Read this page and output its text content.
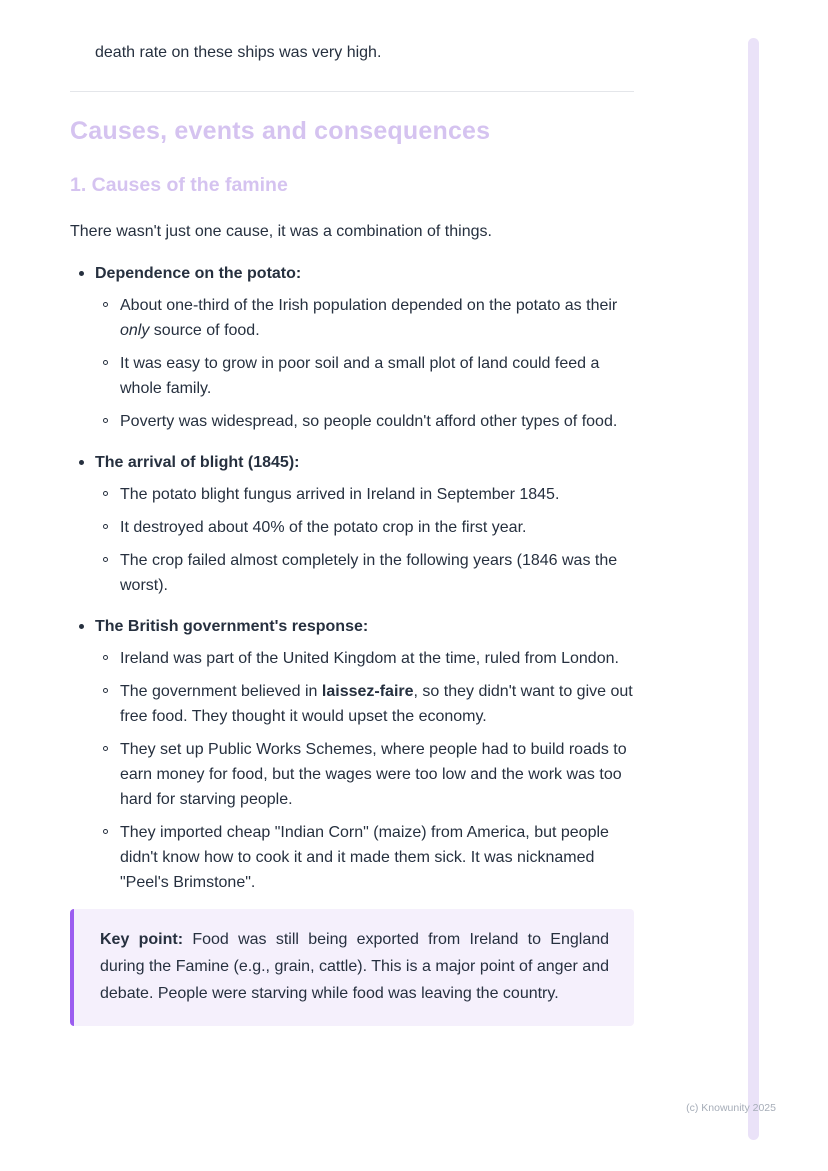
death rate on these ships was very high.

Causes, events and consequences
1. Causes of the famine

There wasn't just one cause, it was a combination of things.

Dependence on the potato:
About one-third of the Irish population depended on the potato as their only source of food.
It was easy to grow in poor soil and a small plot of land could feed a whole family.
Poverty was widespread, so people couldn't afford other types of food.
The arrival of blight (1845):
The potato blight fungus arrived in Ireland in September 1845.
It destroyed about 40% of the potato crop in the first year.
The crop failed almost completely in the following years (1846 was the worst).
The British government's response:
Ireland was part of the United Kingdom at the time, ruled from London.
The government believed in laissez-faire, so they didn't want to give out free food. They thought it would upset the economy.
They set up Public Works Schemes, where people had to build roads to earn money for food, but the wages were too low and the work was too hard for starving people.
They imported cheap "Indian Corn" (maize) from America, but people didn't know how to cook it and it made them sick. It was nicknamed "Peel's Brimstone".

Key point: Food was still being exported from Ireland to England during the Famine (e.g., grain, cattle). This is a major point of anger and debate. People were starving while food was leaving the country.

(c) Knowunity 2025
